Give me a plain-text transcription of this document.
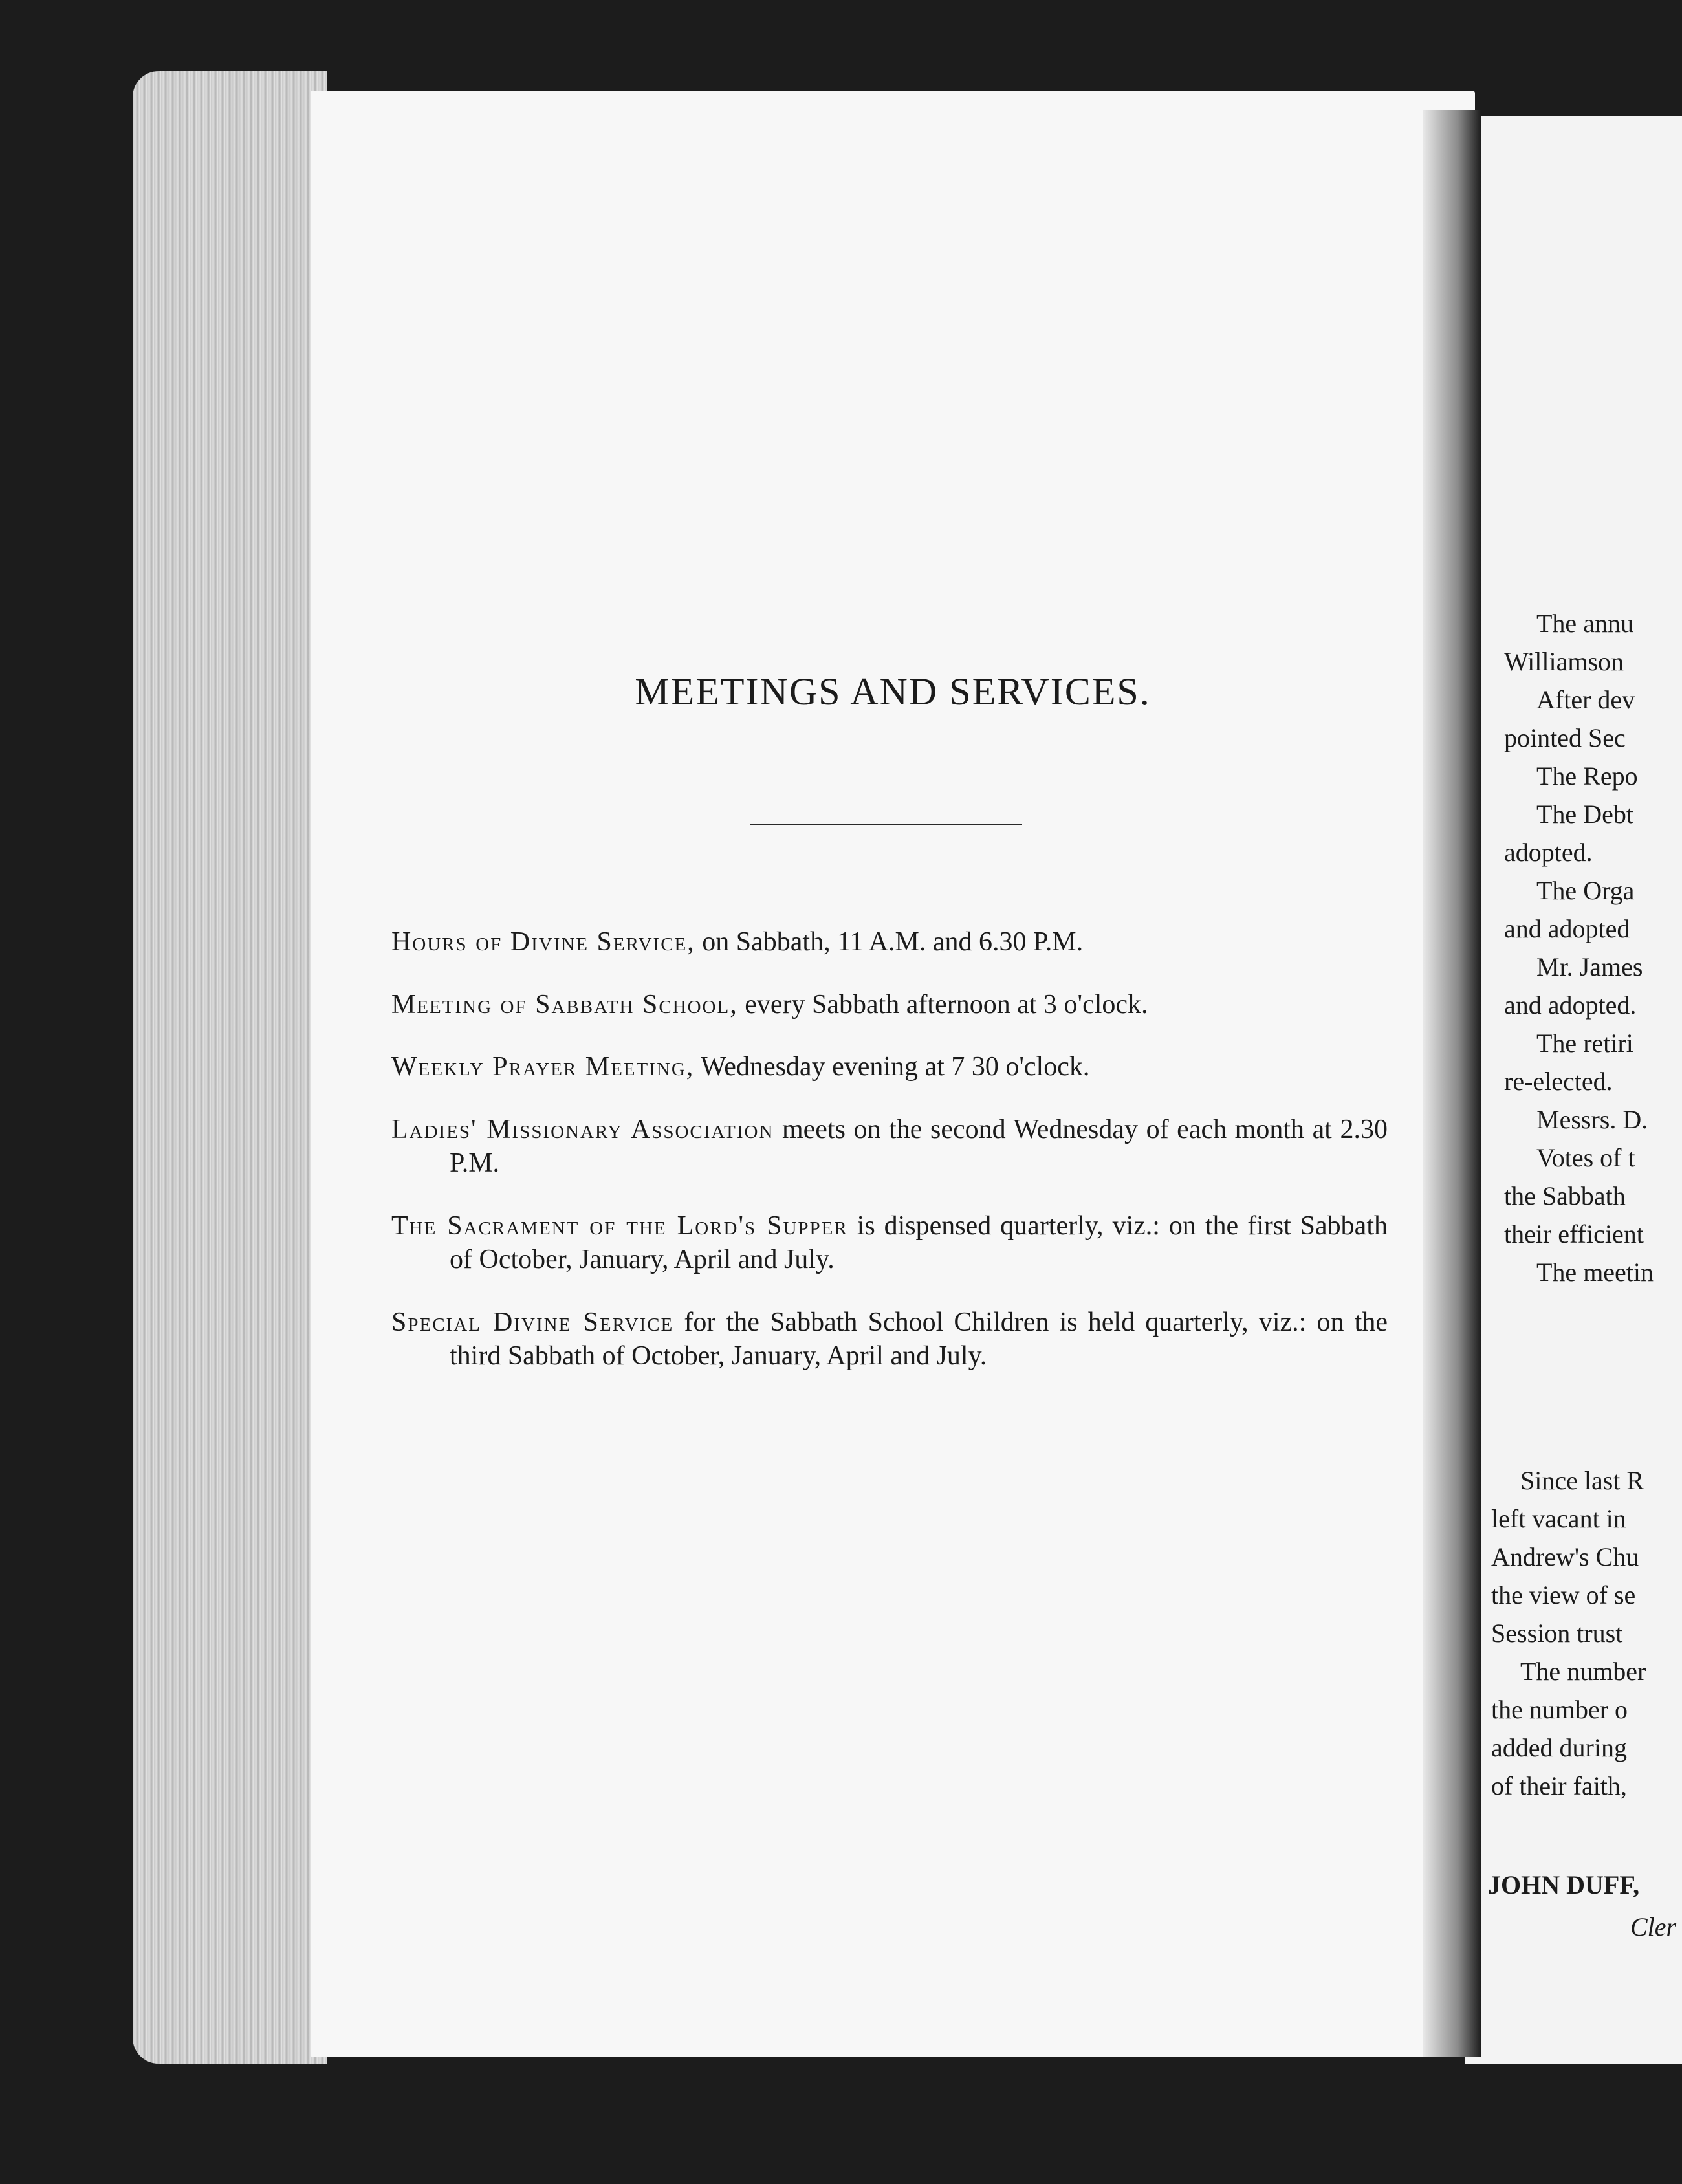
MEETINGS AND SERVICES.
Hours of Divine Service, on Sabbath, 11 A.M. and 6.30 P.M.
Meeting of Sabbath School, every Sabbath afternoon at 3 o'clock.
Weekly Prayer Meeting, Wednesday evening at 7 30 o'clock.
Ladies' Missionary Association meets on the second Wednesday of each month at 2.30 P.M.
The Sacrament of the Lord's Supper is dispensed quarterly, viz.: on the first Sabbath of October, January, April and July.
Special Divine Service for the Sabbath School Children is held quarterly, viz.: on the third Sabbath of October, January, April and July.
The annu
Williamson
After dev
pointed Sec
The Repo
The Debt
adopted.
The Orga
and adopted
Mr. James
and adopted.
The retiri
re-elected.
Messrs. D.
Votes of t
the Sabbath
their efficient
The meetin
Since last R
left vacant in
Andrew's Chu
the view of se
Session trust
The number
the number o
added during
of their faith,
JOHN DUFF,
Cler
